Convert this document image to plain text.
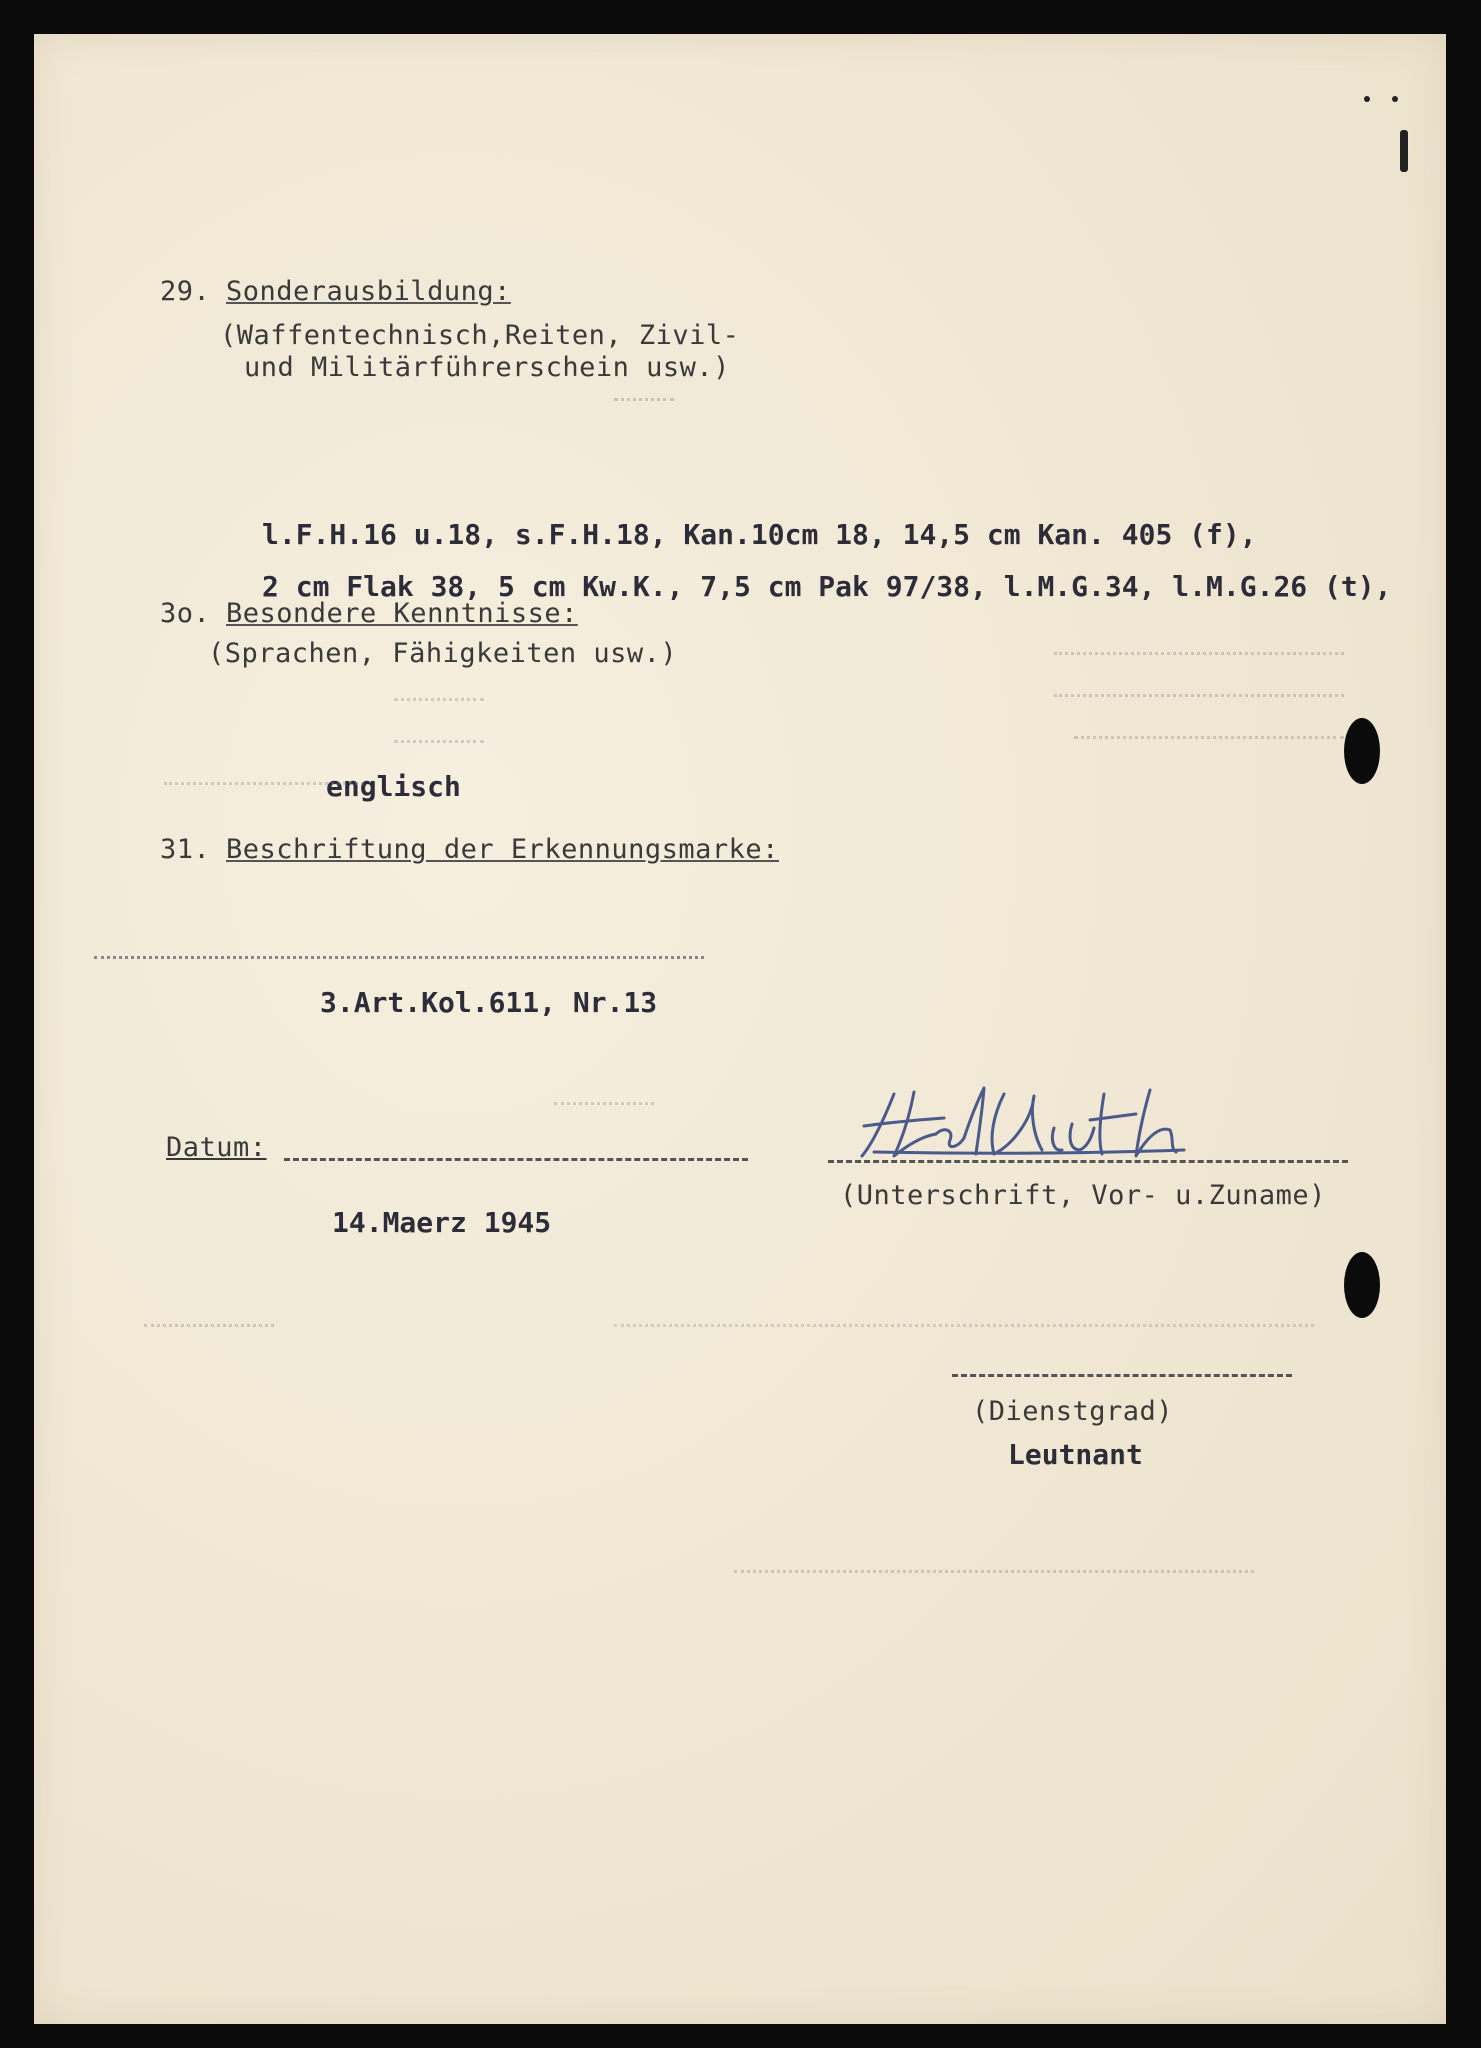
29. Sonderausbildung:
(Waffentechnisch,Reiten, Zivil-
und Militärführerschein usw.)
l.F.H.16 u.18, s.F.H.18, Kan.10cm 18, 14,5 cm Kan. 405 (f),
2 cm Flak 38, 5 cm Kw.K., 7,5 cm Pak 97/38, l.M.G.34, l.M.G.26 (t),
3o. Besondere Kenntnisse:
(Sprachen, Fähigkeiten usw.)
englisch
31. Beschriftung der Erkennungsmarke:
3.Art.Kol.611, Nr.13
Datum:
14.Maerz 1945
(Unterschrift, Vor- u.Zuname)
(Dienstgrad)
Leutnant
